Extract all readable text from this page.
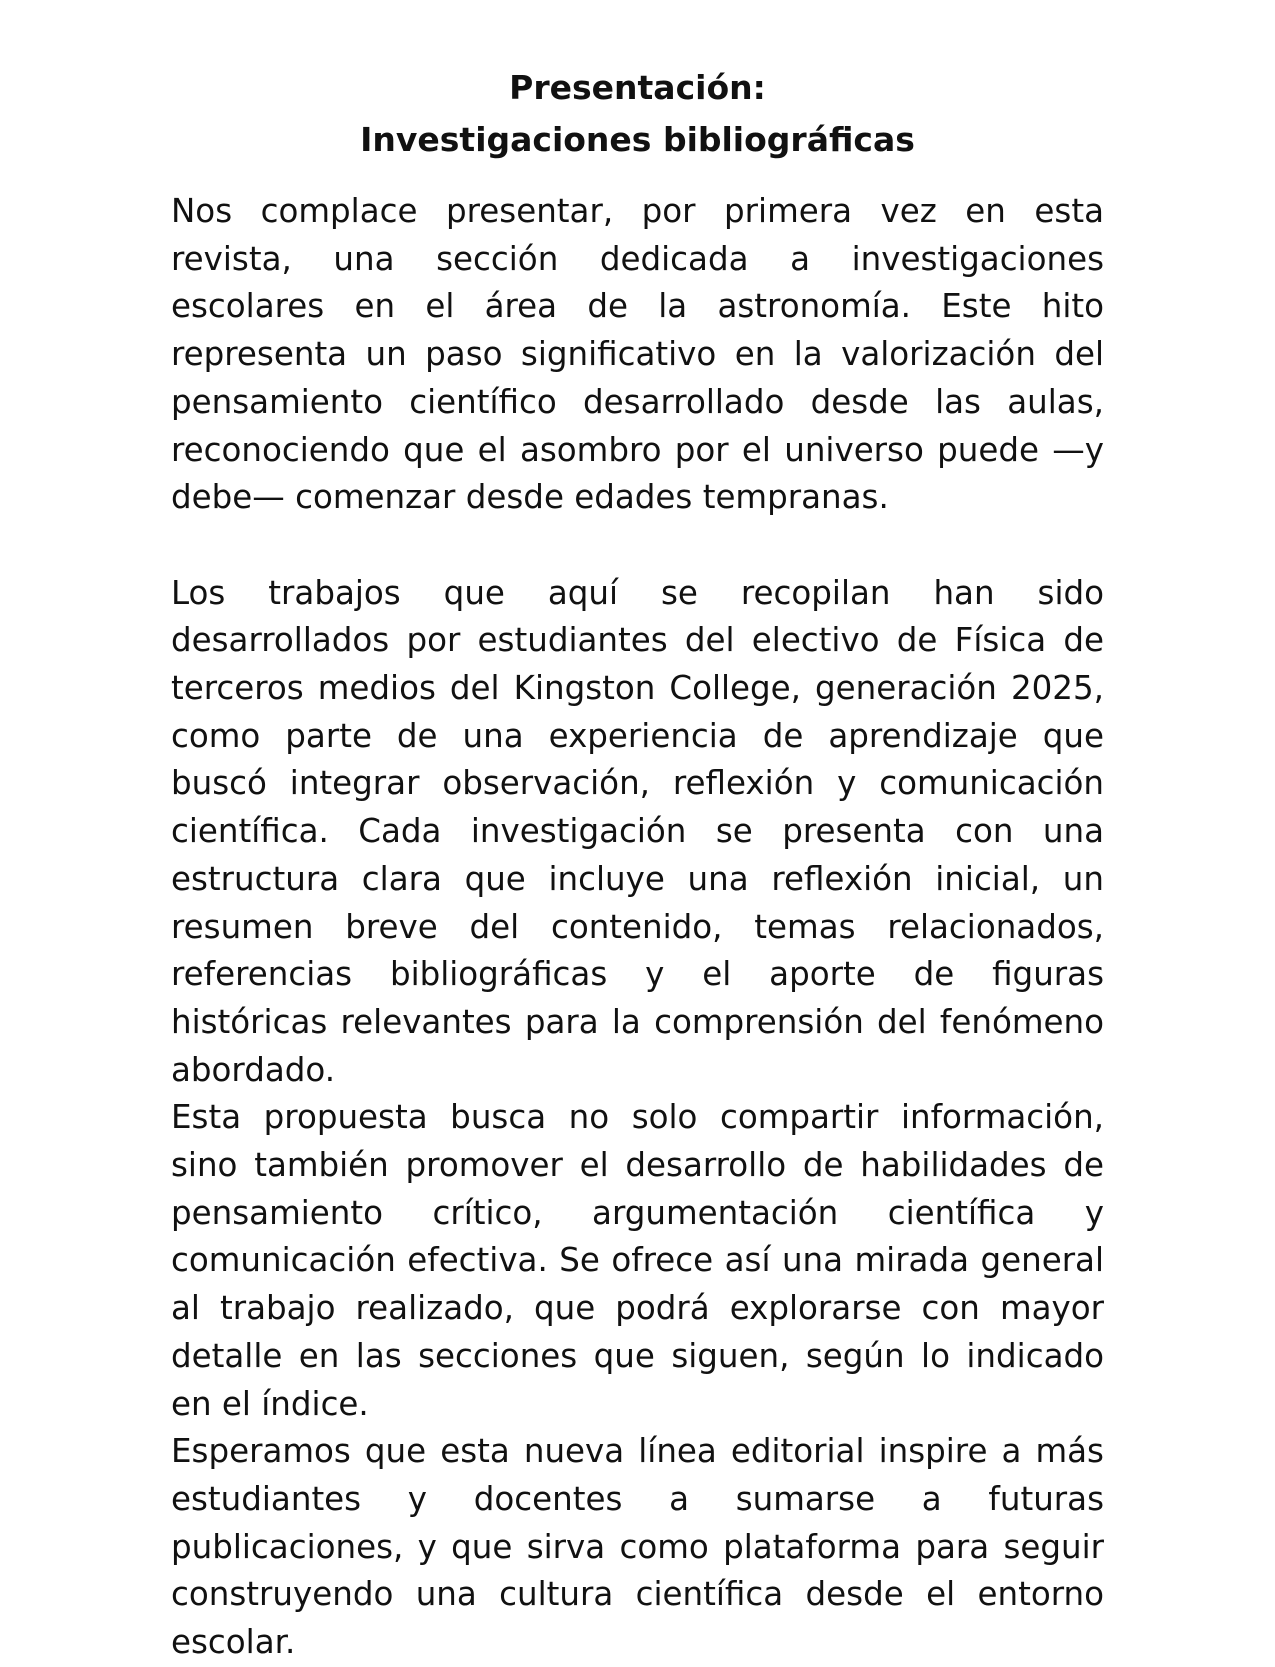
Presentación:
Investigaciones bibliográficas

Nos complace presentar, por primera vez en esta revista, una sección dedicada a investigaciones escolares en el área de la astronomía. Este hito representa un paso significativo en la valorización del pensamiento científico desarrollado desde las aulas, reconociendo que el asombro por el universo puede —y debe— comenzar desde edades tempranas.

Los trabajos que aquí se recopilan han sido desarrollados por estudiantes del electivo de Física de terceros medios del Kingston College, generación 2025, como parte de una experiencia de aprendizaje que buscó integrar observación, reflexión y comunicación científica. Cada investigación se presenta con una estructura clara que incluye una reflexión inicial, un resumen breve del contenido, temas relacionados, referencias bibliográficas y el aporte de figuras históricas relevantes para la comprensión del fenómeno abordado.

Esta propuesta busca no solo compartir información, sino también promover el desarrollo de habilidades de pensamiento crítico, argumentación científica y comunicación efectiva. Se ofrece así una mirada general al trabajo realizado, que podrá explorarse con mayor detalle en las secciones que siguen, según lo indicado en el índice.

Esperamos que esta nueva línea editorial inspire a más estudiantes y docentes a sumarse a futuras publicaciones, y que sirva como plataforma para seguir construyendo una cultura científica desde el entorno escolar.
